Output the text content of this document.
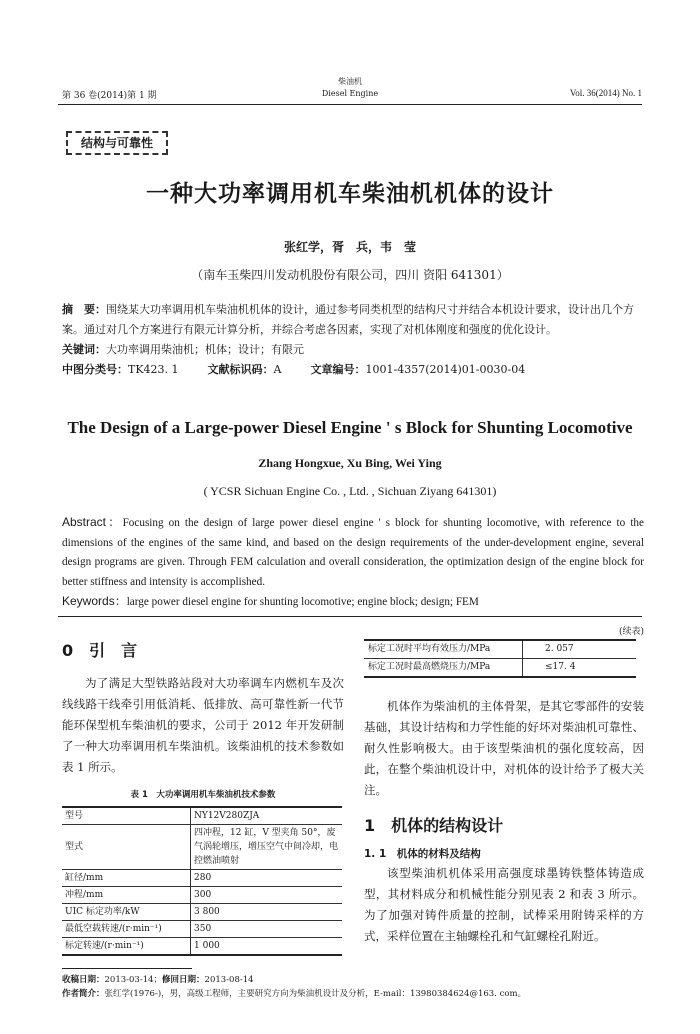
第 36 卷(2014)第 1 期
柴油机
Diesel Engine	Vol. 36(2014) No. 1
结构与可靠性
一种大功率调用机车柴油机机体的设计
张红学，胥　兵，韦　莹
（南车玉柴四川发动机股份有限公司，四川 资阳 641301）

摘　要：围绕某大功率调用机车柴油机机体的设计，通过参考同类机型的结构尺寸并结合本机设计要求，设计出几个方案。通过对几个方案进行有限元计算分析，并综合考虑各因素，实现了对机体刚度和强度的优化设计。

关键词：大功率调用柴油机；机体；设计；有限元

中图分类号：TK423. 1	文献标识码：A	文章编号：1001-4357(2014)01-0030-04

The Design of a Large-power Diesel Engine ' s Block for Shunting Locomotive
Zhang Hongxue, Xu Bing, Wei Ying
( YCSR Sichuan Engine Co. , Ltd. , Sichuan Ziyang 641301)

Abstract：Focusing on the design of large power diesel engine ' s block for shunting locomotive, with reference to the dimensions of the engines of the same kind, and based on the design requirements of the under-development engine, several design programs are given. Through FEM calculation and overall consideration, the optimization design of the engine block for better stiffness and intensity is accomplished.

Keywords：large power diesel engine for shunting locomotive; engine block; design; FEM

0　引　言

为了满足大型铁路站段对大功率调车内燃机车及次线线路干线牵引用低消耗、低排放、高可靠性新一代节能环保型机车柴油机的要求，公司于 2012 年开发研制了一种大功率调用机车柴油机。该柴油机的技术参数如表 1 所示。

表 1　大功率调用机车柴油机技术参数
型号	NY12V280ZJA
型式	四冲程，12 缸，V 型夹角 50°，废气涡轮增压，增压空气中间冷却，电控燃油喷射
缸径/mm	280
冲程/mm	300
UIC 标定功率/kW	3 800
最低空载转速/(r·min⁻¹)	350
标定转速/(r·min⁻¹)	1 000
(续表)
标定工况时平均有效压力/MPa	2. 057
标定工况时最高燃烧压力/MPa	≤17. 4

机体作为柴油机的主体骨架，是其它零部件的安装基础，其设计结构和力学性能的好坏对柴油机可靠性、耐久性影响极大。由于该型柴油机的强化度较高，因此，在整个柴油机设计中，对机体的设计给予了极大关注。

1　机体的结构设计
1. 1　机体的材料及结构

该型柴油机机体采用高强度球墨铸铁整体铸造成型，其材料成分和机械性能分别见表 2 和表 3 所示。为了加强对铸件质量的控制，试棒采用附铸采样的方式，采样位置在主轴螺栓孔和气缸螺栓孔附近。

收稿日期：2013-03-14；修回日期：2013-08-14
作者简介：张红学(1976-)，男，高级工程师，主要研究方向为柴油机设计及分析，E-mail：13980384624@163. com。
